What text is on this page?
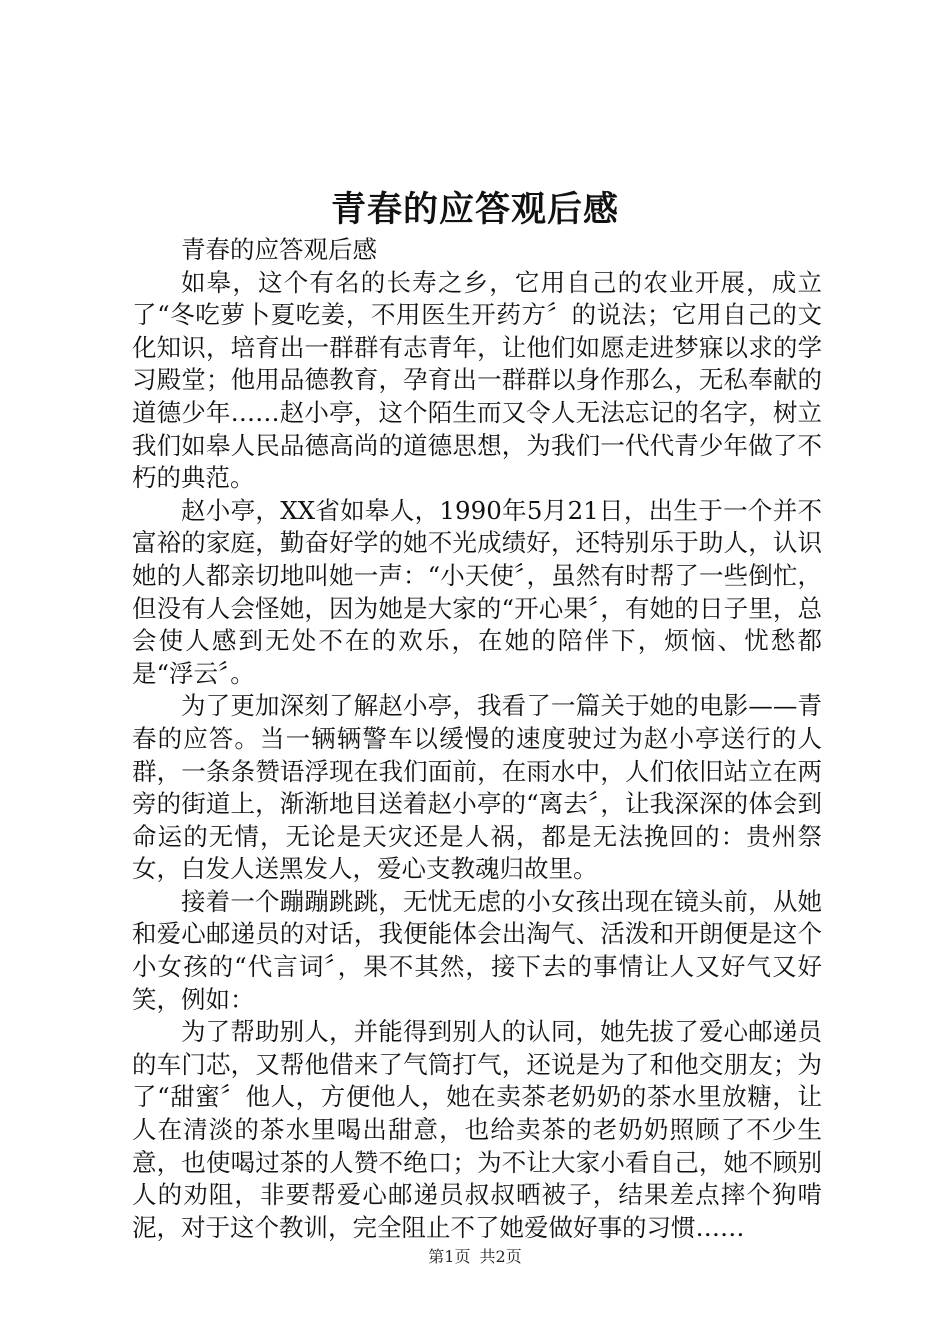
青春的应答观后感

青春的应答观后感

如皋，这个有名的长寿之乡，它用自己的农业开展，成立了“冬吃萝卜夏吃姜，不用医生开药方〞的说法；它用自己的文化知识，培育出一群群有志青年，让他们如愿走进梦寐以求的学习殿堂；他用品德教育，孕育出一群群以身作那么，无私奉献的道德少年……赵小亭，这个陌生而又令人无法忘记的名字，树立我们如皋人民品德高尚的道德思想，为我们一代代青少年做了不朽的典范。

赵小亭，XX省如皋人，1990年5月21日，出生于一个并不富裕的家庭，勤奋好学的她不光成绩好，还特别乐于助人，认识她的人都亲切地叫她一声：“小天使〞，虽然有时帮了一些倒忙，但没有人会怪她，因为她是大家的“开心果〞，有她的日子里，总会使人感到无处不在的欢乐，在她的陪伴下，烦恼、忧愁都是“浮云〞。

为了更加深刻了解赵小亭，我看了一篇关于她的电影——青春的应答。当一辆辆警车以缓慢的速度驶过为赵小亭送行的人群，一条条赞语浮现在我们面前，在雨水中，人们依旧站立在两旁的街道上，渐渐地目送着赵小亭的“离去〞，让我深深的体会到命运的无情，无论是天灾还是人祸，都是无法挽回的：贵州祭女，白发人送黑发人，爱心支教魂归故里。

接着一个蹦蹦跳跳，无忧无虑的小女孩出现在镜头前，从她和爱心邮递员的对话，我便能体会出淘气、活泼和开朗便是这个小女孩的“代言词〞，果不其然，接下去的事情让人又好气又好笑，例如：

为了帮助别人，并能得到别人的认同，她先拔了爱心邮递员的车门芯，又帮他借来了气筒打气，还说是为了和他交朋友；为了“甜蜜〞他人，方便他人，她在卖茶老奶奶的茶水里放糖，让人在清淡的茶水里喝出甜意，也给卖茶的老奶奶照顾了不少生意，也使喝过茶的人赞不绝口；为不让大家小看自己，她不顾别人的劝阻，非要帮爱心邮递员叔叔晒被子，结果差点摔个狗啃泥，对于这个教训，完全阻止不了她爱做好事的习惯……

第1页 共2页
